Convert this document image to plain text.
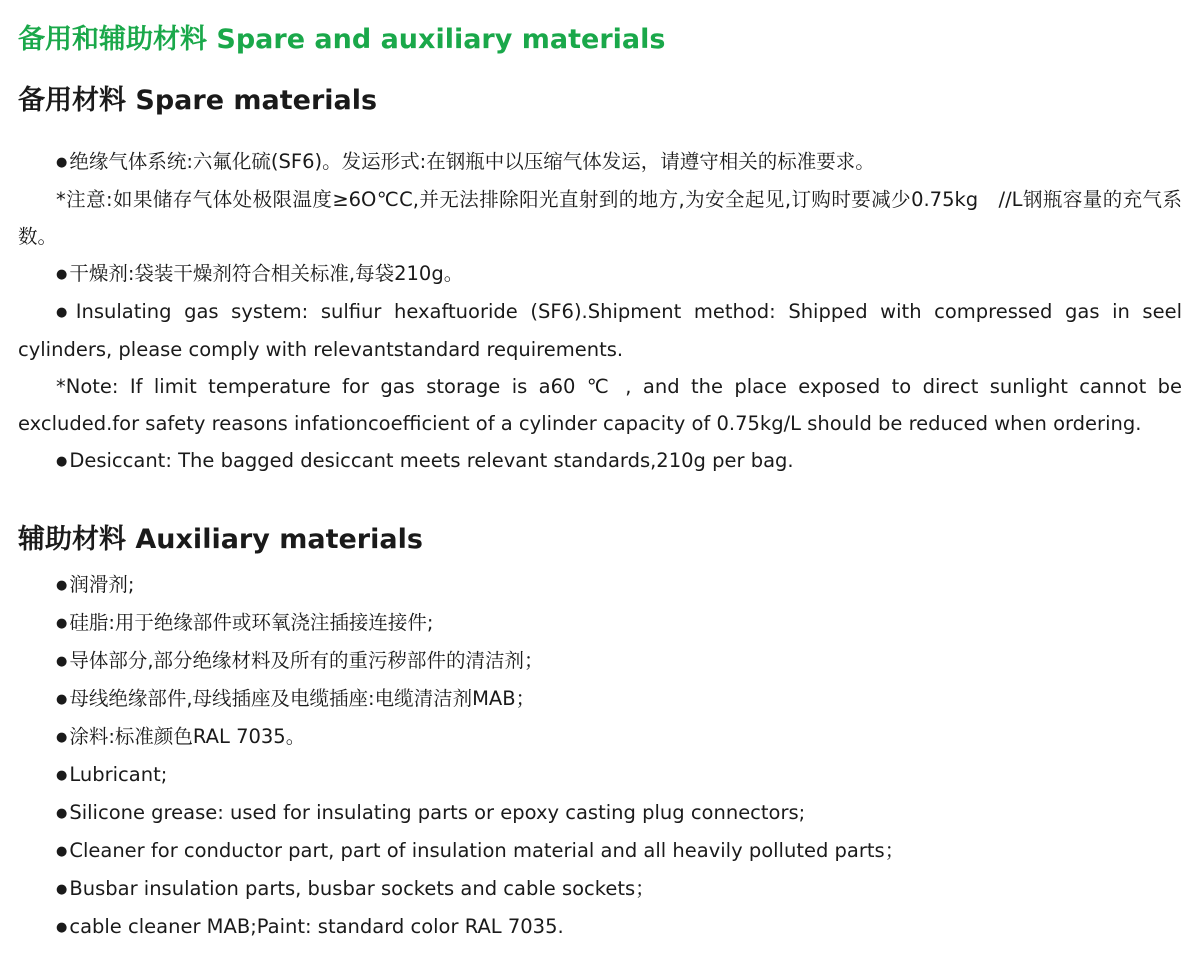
备用和辅助材料 Spare and auxiliary materials
备用材料 Spare materials

● 绝缘气体系统:六氟化硫(SF6)。发运形式:在钢瓶中以压缩气体发运，请遵守相关的标准要求。

*注意:如果储存气体处极限温度≥6O℃C,并无法排除阳光直射到的地方,为安全起见,订购时要减少0.75kg　/∕L钢瓶容量的充气系数。

● 干燥剂:袋装干燥剂符合相关标准,每袋210g。

● Insulating gas system: sulfiur hexaftuoride (SF6).Shipment method: Shipped with compressed gas in seel cylinders, please comply with relevantstandard requirements.

*Note: If limit temperature for gas storage is a60 ℃ , and the place exposed to direct sunlight cannot be excluded.for safety reasons infationcoefficient of a cylinder capacity of 0.75kg/L should be reduced when ordering.

● Desiccant: The bagged desiccant meets relevant standards,210g per bag.

辅助材料 Auxiliary materials

● 润滑剂;

● 硅脂:用于绝缘部件或环氧浇注插接连接件;

● 导体部分,部分绝缘材料及所有的重污秽部件的清洁剂；

● 母线绝缘部件,母线插座及电缆插座:电缆清洁剂MAB；

● 涂料:标准颜色RAL 7035。

● Lubricant;

● Silicone grease: used for insulating parts or epoxy casting plug connectors;

● Cleaner for conductor part, part of insulation material and all heavily polluted parts；

● Busbar insulation parts, busbar sockets and cable sockets；

● cable cleaner MAB;Paint: standard color RAL 7035.
